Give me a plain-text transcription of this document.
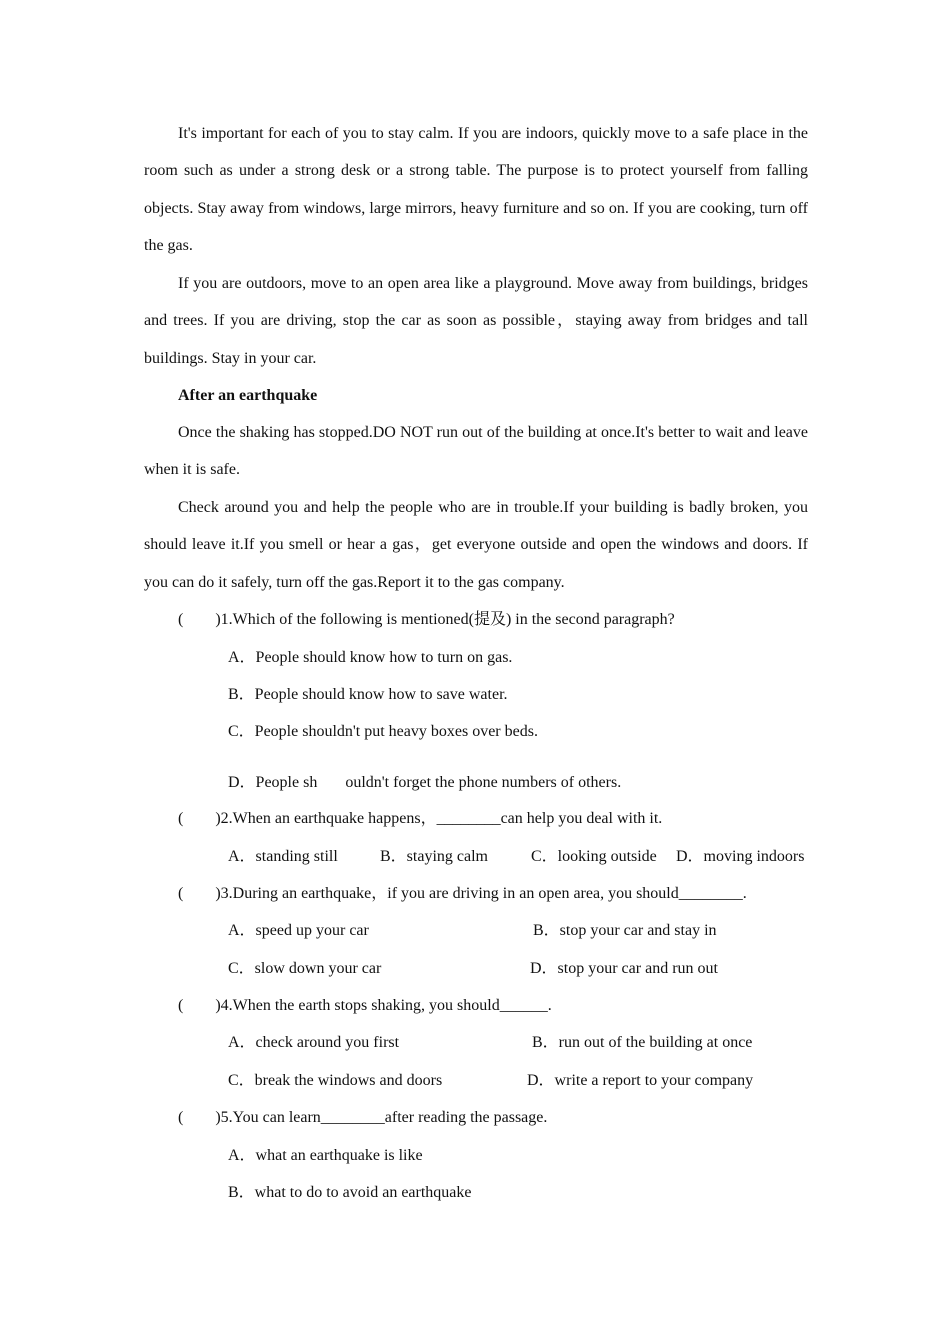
It's important for each of you to stay calm. If you are indoors, quickly move to a safe place in the room such as under a strong desk or a strong table. The purpose is to protect yourself from falling objects. Stay away from windows, large mirrors, heavy furniture and so on. If you are cooking, turn off the gas.

If you are outdoors, move to an open area like a playground. Move away from buildings, bridges and trees. If you are driving, stop the car as soon as possible，staying away from bridges and tall buildings. Stay in your car.

After an earthquake

Once the shaking has stopped.DO NOT run out of the building at once.It's better to wait and leave when it is safe.

Check around you and help the people who are in trouble.If your building is badly broken, you should leave it.If you smell or hear a gas，get everyone outside and open the windows and doors. If you can do it safely, turn off the gas.Report it to the gas company.

(        )1.Which of the following is mentioned(提及) in the second paragraph?

A．People should know how to turn on gas.

B．People should know how to save water.

C．People shouldn't put heavy boxes over beds.

D．People sh       ouldn't forget the phone numbers of others.

(        )2.When an earthquake happens，________can help you deal with it.

A．standing still	B．staying calm	C．looking outside D．moving indoors

(        )3.During an earthquake，if you are driving in an open area, you should________.

A．speed up your car	B．stop your car and stay in

C．slow down your car	D．stop your car and run out

(        )4.When the earth stops shaking, you should______.

A．check around you first	B．run out of the building at once

C．break the windows and doors	D．write a report to your company

(        )5.You can learn________after reading the passage.

A．what an earthquake is like

B．what to do to avoid an earthquake
